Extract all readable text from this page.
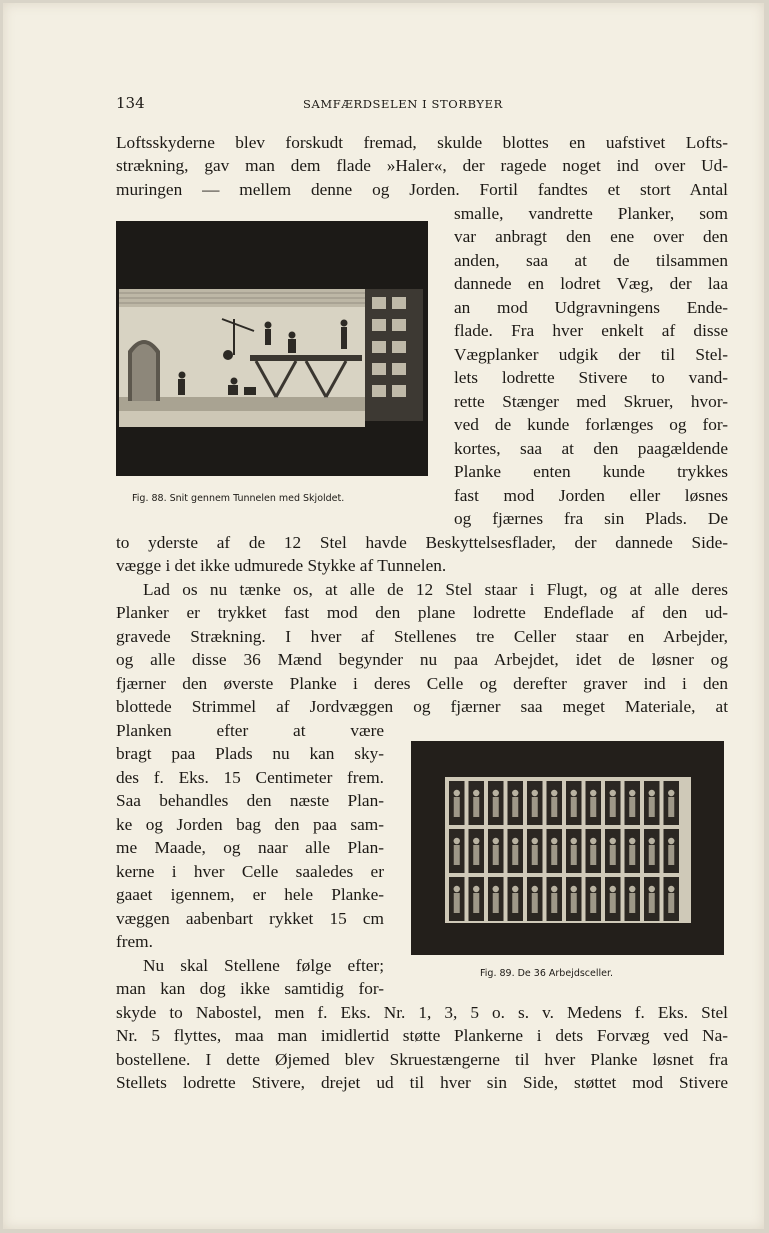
134	SAMFÆRDSELEN I STORBYER
Loftsskyderne blev forskudt fremad, skulde blottes en uafstivet Lofts-
strækning, gav man dem flade »Haler«, der ragede noget ind over Ud-
muringen — mellem denne og Jorden. Fortil fandtes et stort Antal
smalle, vandrette Planker, som
var anbragt den ene over den
anden, saa at de tilsammen
dannede en lodret Væg, der laa
an mod Udgravningens Ende-
flade. Fra hver enkelt af disse
Vægplanker udgik der til Stel-
lets lodrette Stivere to vand-
rette Stænger med Skruer, hvor-
ved de kunde forlænges og for-
kortes, saa at den paagældende
Planke enten kunde trykkes
fast mod Jorden eller løsnes
og fjærnes fra sin Plads. De
to yderste af de 12 Stel havde Beskyttelsesflader, der dannede Side-
vægge i det ikke udmurede Stykke af Tunnelen.
Lad os nu tænke os, at alle de 12 Stel staar i Flugt, og at alle deres
Planker er trykket fast mod den plane lodrette Endeflade af den ud-
gravede Strækning. I hver af Stellenes tre Celler staar en Arbejder,
og alle disse 36 Mænd begynder nu paa Arbejdet, idet de løsner og
fjærner den øverste Planke i deres Celle og derefter graver ind i den
blottede Strimmel af Jordvæggen og fjærner saa meget Materiale, at
Planken efter at være
bragt paa Plads nu kan sky-
des f. Eks. 15 Centimeter frem.
Saa behandles den næste Plan-
ke og Jorden bag den paa sam-
me Maade, og naar alle Plan-
kerne i hver Celle saaledes er
gaaet igennem, er hele Planke-
væggen aabenbart rykket 15 cm
frem.
Nu skal Stellene følge efter;
man kan dog ikke samtidig for-
skyde to Nabostel, men f. Eks. Nr. 1, 3, 5 o. s. v. Medens f. Eks. Stel
Nr. 5 flyttes, maa man imidlertid støtte Plankerne i dets Forvæg ved Na-
bostellene. I dette Øjemed blev Skruestængerne til hver Planke løsnet fra
Stellets lodrette Stivere, drejet ud til hver sin Side, støttet mod Stivere
Fig. 88. Snit gennem Tunnelen med Skjoldet.
Fig. 89. De 36 Arbejdsceller.
